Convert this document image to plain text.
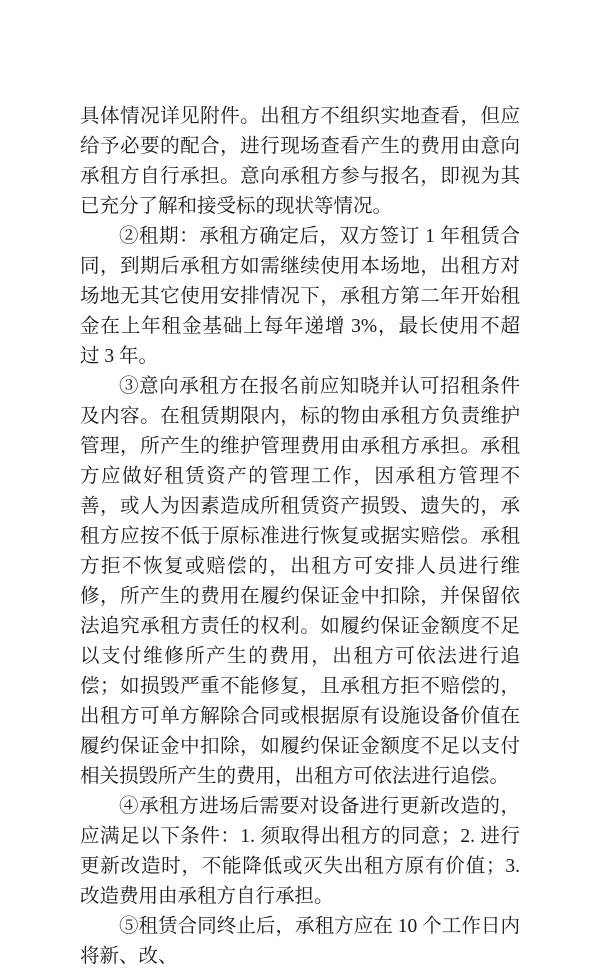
具体情况详见附件。出租方不组织实地查看，但应给予必要的配合，进行现场查看产生的费用由意向承租方自行承担。意向承租方参与报名，即视为其已充分了解和接受标的现状等情况。

②租期：承租方确定后，双方签订 1 年租赁合同，到期后承租方如需继续使用本场地，出租方对场地无其它使用安排情况下，承租方第二年开始租金在上年租金基础上每年递增 3%，最长使用不超过 3 年。

③意向承租方在报名前应知晓并认可招租条件及内容。在租赁期限内，标的物由承租方负责维护管理，所产生的维护管理费用由承租方承担。承租方应做好租赁资产的管理工作，因承租方管理不善，或人为因素造成所租赁资产损毁、遗失的，承租方应按不低于原标准进行恢复或据实赔偿。承租方拒不恢复或赔偿的，出租方可安排人员进行维修，所产生的费用在履约保证金中扣除，并保留依法追究承租方责任的权利。如履约保证金额度不足以支付维修所产生的费用，出租方可依法进行追偿；如损毁严重不能修复，且承租方拒不赔偿的，出租方可单方解除合同或根据原有设施设备价值在履约保证金中扣除，如履约保证金额度不足以支付相关损毁所产生的费用，出租方可依法进行追偿。

④承租方进场后需要对设备进行更新改造的，应满足以下条件：1. 须取得出租方的同意；2. 进行更新改造时，不能降低或灭失出租方原有价值；3. 改造费用由承租方自行承担。

⑤租赁合同终止后，承租方应在 10 个工作日内将新、改、
